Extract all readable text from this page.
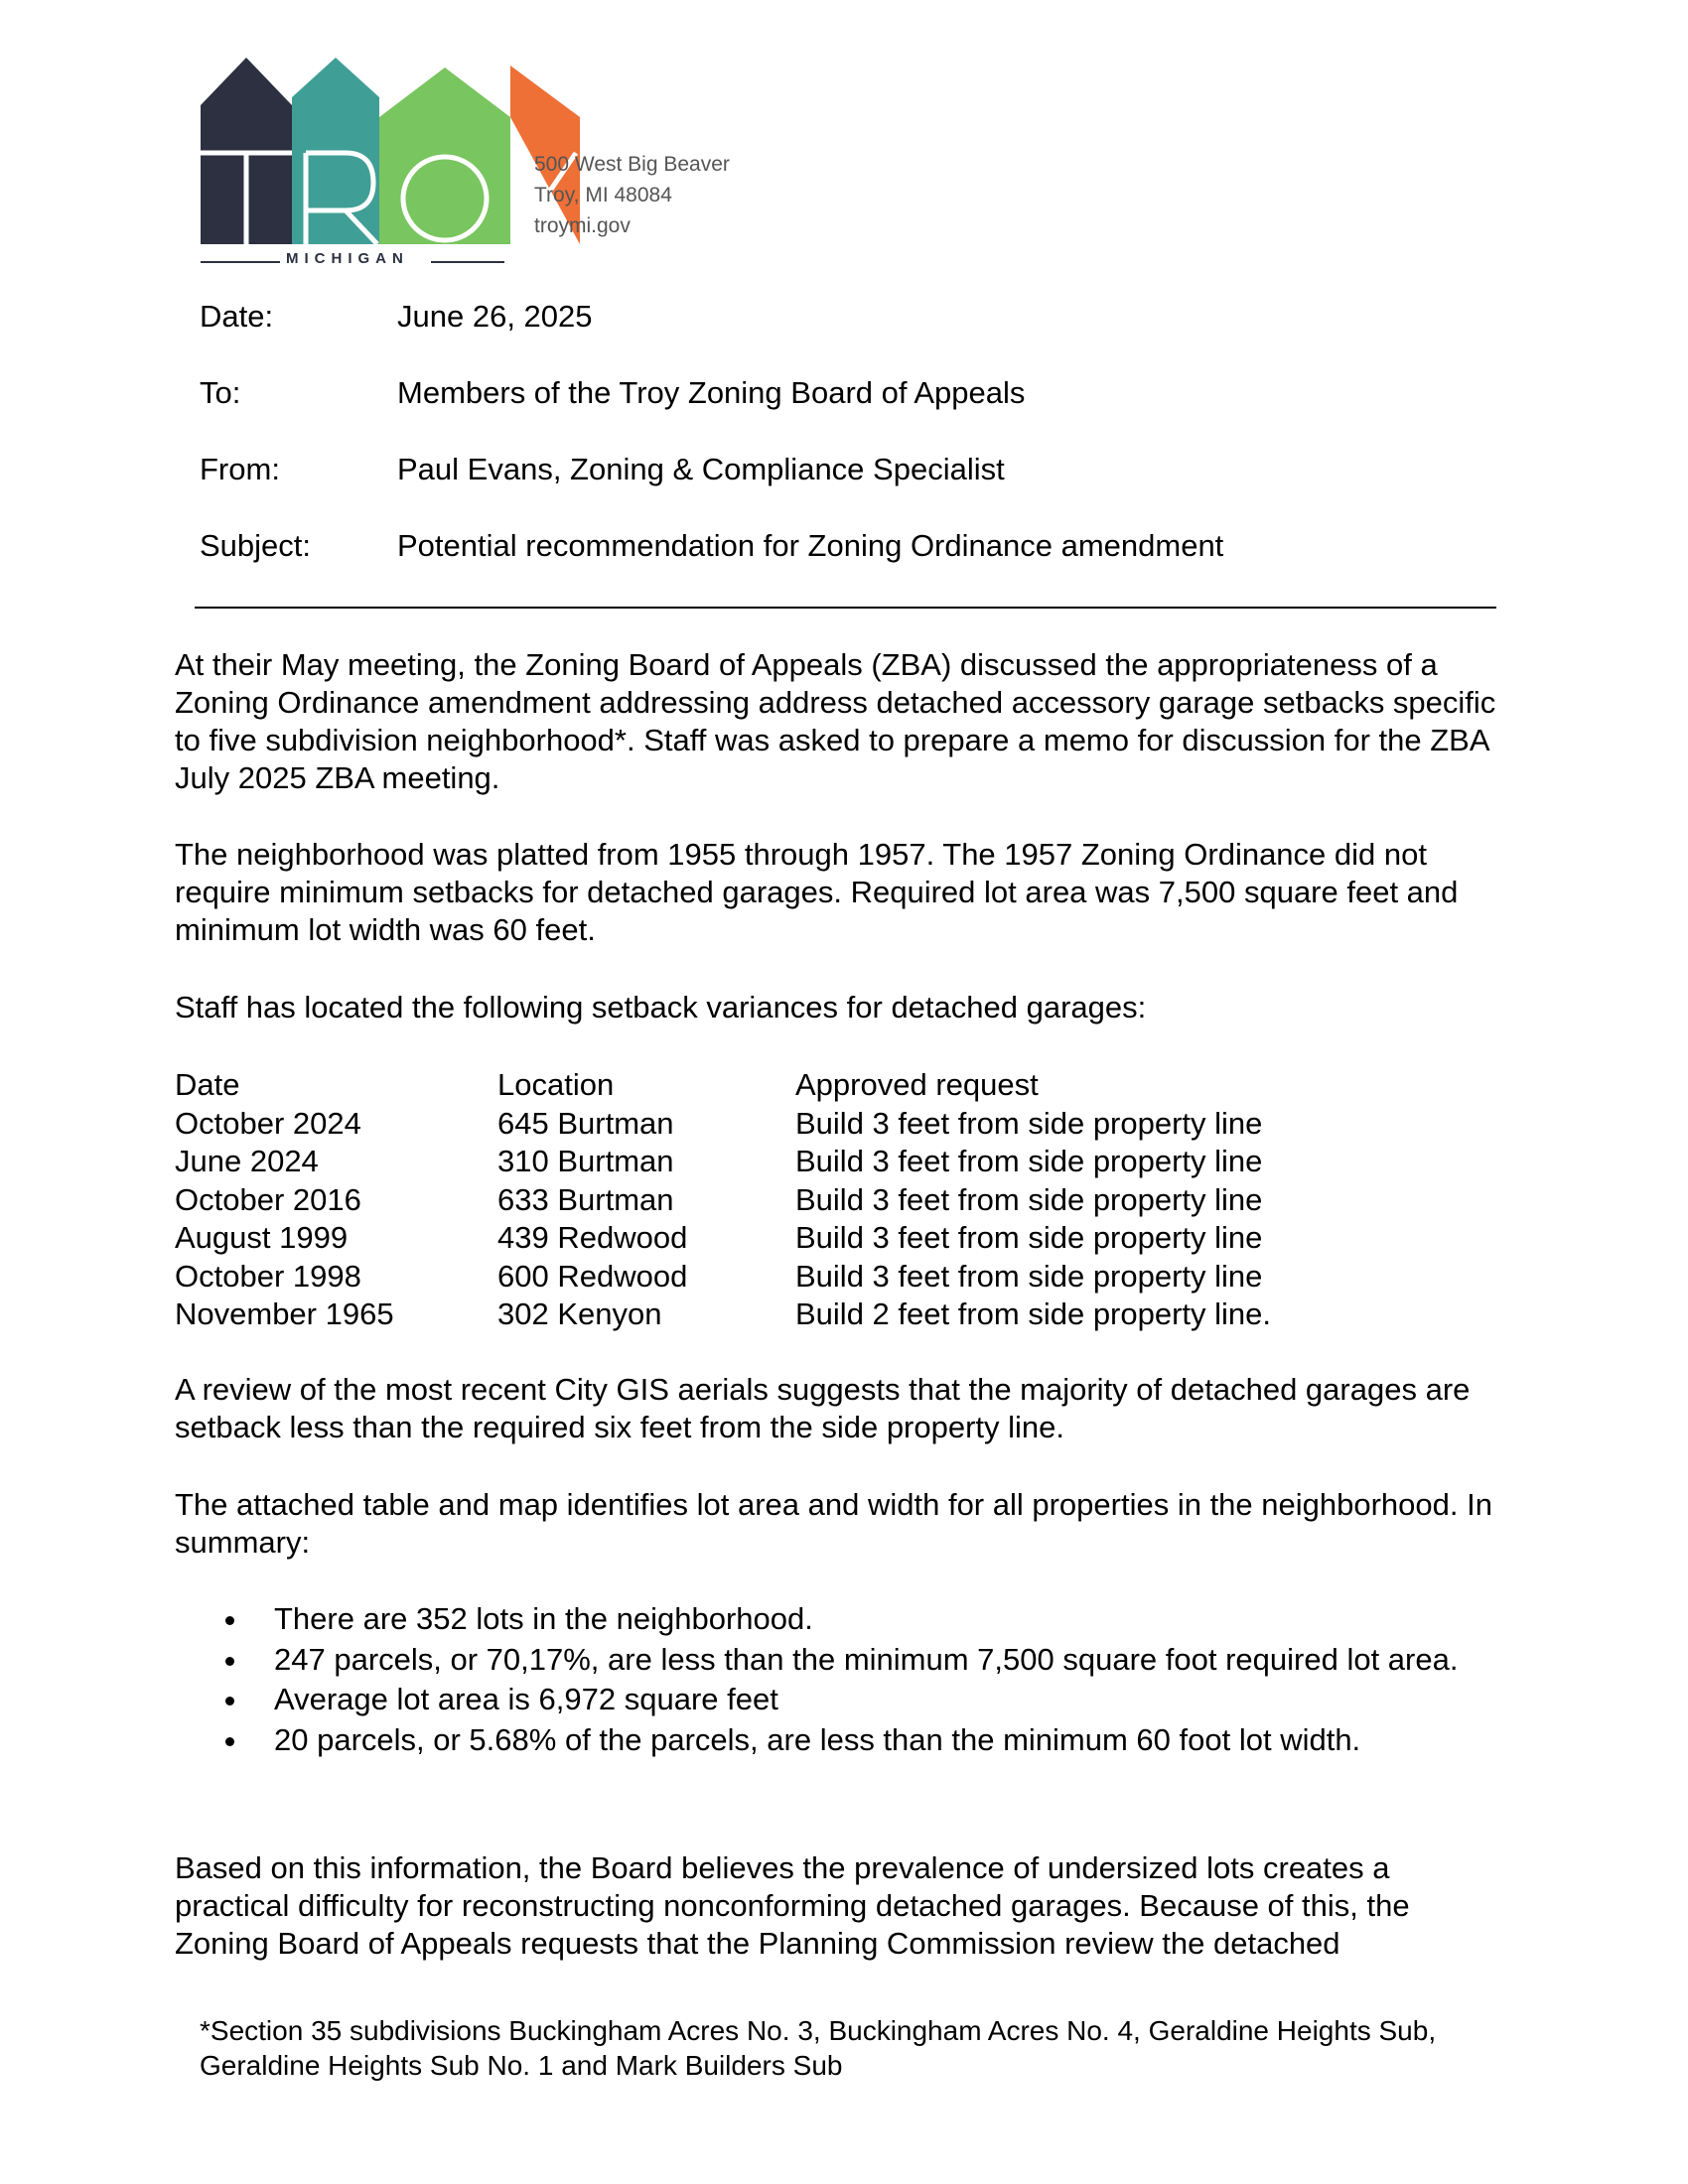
MICHIGAN
500 West Big Beaver
Troy, MI 48084
troymi.gov
Date:	June 26, 2025
To:	Members of the Troy Zoning Board of Appeals
From:	Paul Evans, Zoning & Compliance Specialist
Subject:	Potential recommendation for Zoning Ordinance amendment

At their May meeting, the Zoning Board of Appeals (ZBA) discussed the appropriateness of a Zoning Ordinance amendment addressing address detached accessory garage setbacks specific to five subdivision neighborhood*. Staff was asked to prepare a memo for discussion for the ZBA July 2025 ZBA meeting.

The neighborhood was platted from 1955 through 1957. The 1957 Zoning Ordinance did not require minimum setbacks for detached garages. Required lot area was 7,500 square feet and minimum lot width was 60 feet.

Staff has located the following setback variances for detached garages:

Date	Location	Approved request
October 2024	645 Burtman	Build 3 feet from side property line
June 2024	310 Burtman	Build 3 feet from side property line
October 2016	633 Burtman	Build 3 feet from side property line
August 1999	439 Redwood	Build 3 feet from side property line
October 1998	600 Redwood	Build 3 feet from side property line
November 1965	302 Kenyon	Build 2 feet from side property line.

A review of the most recent City GIS aerials suggests that the majority of detached garages are setback less than the required six feet from the side property line.

The attached table and map identifies lot area and width for all properties in the neighborhood. In summary:

There are 352 lots in the neighborhood.
247 parcels, or 70,17%, are less than the minimum 7,500 square foot required lot area.
Average lot area is 6,972 square feet
20 parcels, or 5.68% of the parcels, are less than the minimum 60 foot lot width.

Based on this information, the Board believes the prevalence of undersized lots creates a practical difficulty for reconstructing nonconforming detached garages. Because of this, the Zoning Board of Appeals requests that the Planning Commission review the detached

*Section 35 subdivisions Buckingham Acres No. 3, Buckingham Acres No. 4, Geraldine Heights Sub, Geraldine Heights Sub No. 1 and Mark Builders Sub
